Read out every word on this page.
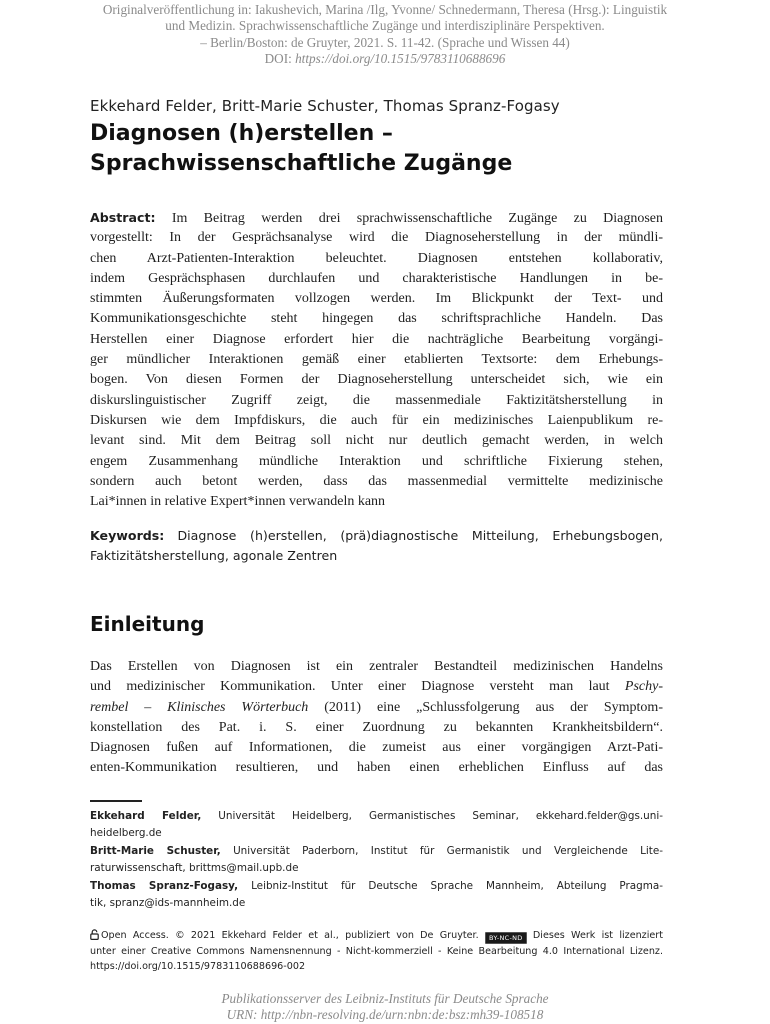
Originalveröffentlichung in: Iakushevich, Marina /Ilg, Yvonne/ Schnedermann, Theresa (Hrsg.): Linguistik
und Medizin. Sprachwissenschaftliche Zugänge und interdisziplinäre Perspektiven.
– Berlin/Boston: de Gruyter, 2021. S. 11-42. (Sprache und Wissen 44)
DOI: https://doi.org/10.1515/9783110688696
Ekkehard Felder, Britt-Marie Schuster, Thomas Spranz-Fogasy
Diagnosen (h)erstellen –
Sprachwissenschaftliche Zugänge
Abstract: Im Beitrag werden drei sprachwissenschaftliche Zugänge zu Diagnosen
vorgestellt: In der Gesprächsanalyse wird die Diagnoseherstellung in der mündli-
chen Arzt-Patienten-Interaktion beleuchtet. Diagnosen entstehen kollaborativ,
indem Gesprächsphasen durchlaufen und charakteristische Handlungen in be-
stimmten Äußerungsformaten vollzogen werden. Im Blickpunkt der Text- und
Kommunikationsgeschichte steht hingegen das schriftsprachliche Handeln. Das
Herstellen einer Diagnose erfordert hier die nachträgliche Bearbeitung vorgängi-
ger mündlicher Interaktionen gemäß einer etablierten Textsorte: dem Erhebungs-
bogen. Von diesen Formen der Diagnoseherstellung unterscheidet sich, wie ein
diskurslinguistischer Zugriff zeigt, die massenmediale Faktizitätsherstellung in
Diskursen wie dem Impfdiskurs, die auch für ein medizinisches Laienpublikum re-
levant sind. Mit dem Beitrag soll nicht nur deutlich gemacht werden, in welch
engem Zusammenhang mündliche Interaktion und schriftliche Fixierung stehen,
sondern auch betont werden, dass das massenmedial vermittelte medizinische
Lai*innen in relative Expert*innen verwandeln kann
Keywords: Diagnose (h)erstellen, (prä)diagnostische Mitteilung, Erhebungsbogen,
Faktizitätsherstellung, agonale Zentren
Einleitung
Das Erstellen von Diagnosen ist ein zentraler Bestandteil medizinischen Handelns
und medizinischer Kommunikation. Unter einer Diagnose versteht man laut Pschy-
rembel – Klinisches Wörterbuch (2011) eine „Schlussfolgerung aus der Symptom-
konstellation des Pat. i. S. einer Zuordnung zu bekannten Krankheitsbildern“.
Diagnosen fußen auf Informationen, die zumeist aus einer vorgängigen Arzt-Pati-
enten-Kommunikation resultieren, und haben einen erheblichen Einfluss auf das
Ekkehard Felder, Universität Heidelberg, Germanistisches Seminar, ekkehard.felder@gs.uni-
heidelberg.de
Britt-Marie Schuster, Universität Paderborn, Institut für Germanistik und Vergleichende Lite-
raturwissenschaft, brittms@mail.upb.de
Thomas Spranz-Fogasy, Leibniz-Institut für Deutsche Sprache Mannheim, Abteilung Pragma-
tik, spranz@ids-mannheim.de
Open Access. © 2021 Ekkehard Felder et al., publiziert von De Gruyter. BY-NC-ND Dieses Werk ist lizenziert
unter einer Creative Commons Namensnennung - Nicht-kommerziell - Keine Bearbeitung 4.0 International Lizenz.
https://doi.org/10.1515/9783110688696-002
Publikationsserver des Leibniz-Instituts für Deutsche Sprache
URN: http://nbn-resolving.de/urn:nbn:de:bsz:mh39-108518
